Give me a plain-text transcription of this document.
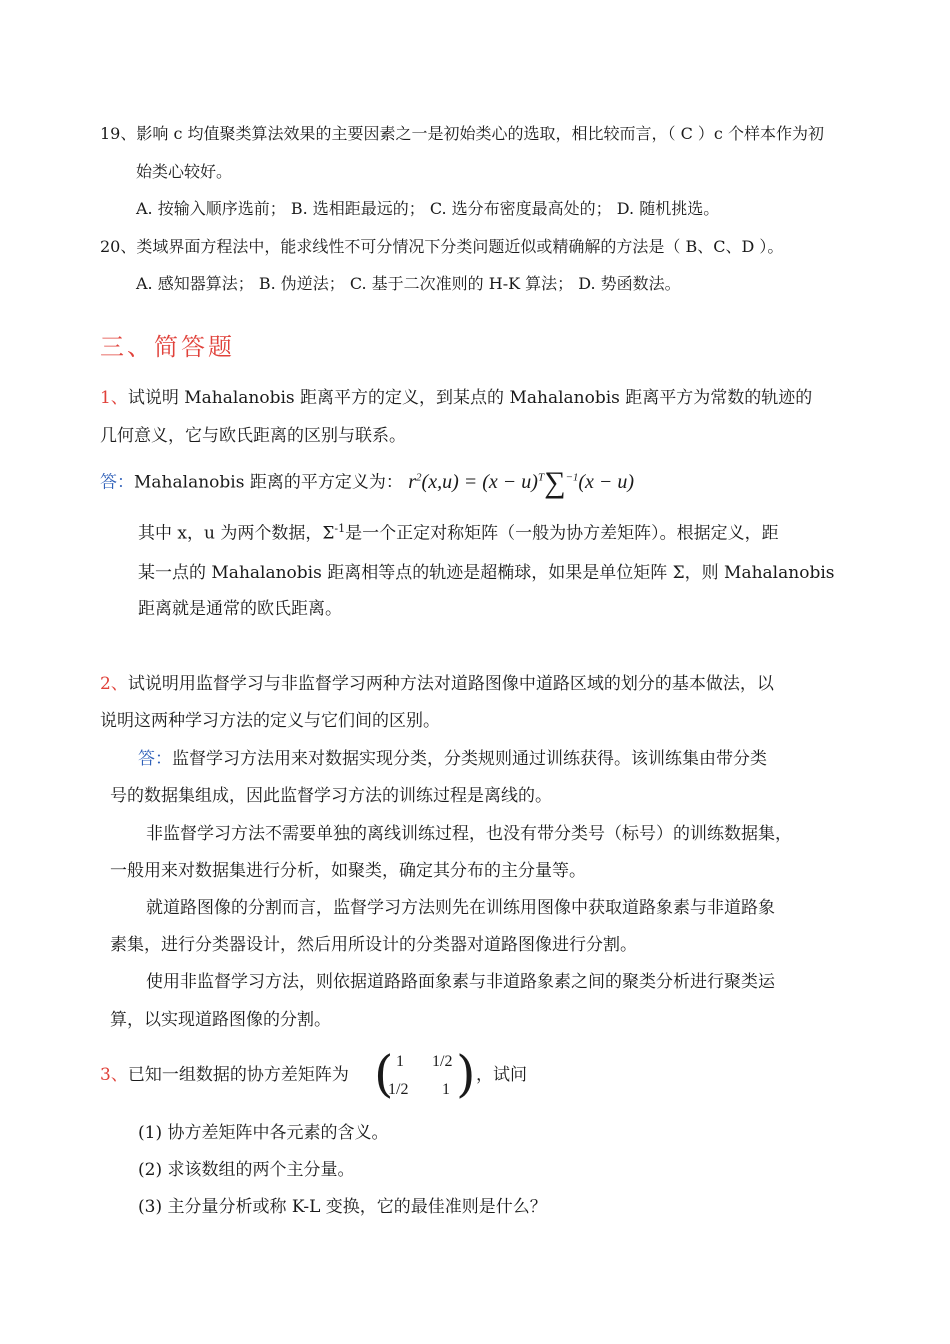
19、影响 c 均值聚类算法效果的主要因素之一是初始类心的选取，相比较而言，（ C ）c 个样本作为初
始类心较好。
A. 按输入顺序选前； B. 选相距最远的； C. 选分布密度最高处的； D. 随机挑选。
20、类域界面方程法中，能求线性不可分情况下分类问题近似或精确解的方法是（ B、C、D ）。
A. 感知器算法； B. 伪逆法； C. 基于二次准则的 H-K 算法； D. 势函数法。
三、简答题
1、试说明 Mahalanobis 距离平方的定义，到某点的 Mahalanobis 距离平方为常数的轨迹的
几何意义，它与欧氏距离的区别与联系。
答：Mahalanobis 距离的平方定义为： $r^2(x,u) = (x - u)^T\sum^{-1}(x - u)$
其中 x，u 为两个数据，$\Sigma^{-1}$是一个正定对称矩阵（一般为协方差矩阵）。根据定义，距
某一点的 Mahalanobis 距离相等点的轨迹是超椭球，如果是单位矩阵 Σ，则 Mahalanobis
距离就是通常的欧氏距离。
2、试说明用监督学习与非监督学习两种方法对道路图像中道路区域的划分的基本做法，以
说明这两种学习方法的定义与它们间的区别。
答：监督学习方法用来对数据实现分类，分类规则通过训练获得。该训练集由带分类
号的数据集组成，因此监督学习方法的训练过程是离线的。
非监督学习方法不需要单独的离线训练过程，也没有带分类号（标号）的训练数据集，
一般用来对数据集进行分析，如聚类，确定其分布的主分量等。
就道路图像的分割而言，监督学习方法则先在训练用图像中获取道路象素与非道路象
素集，进行分类器设计，然后用所设计的分类器对道路图像进行分割。
使用非监督学习方法，则依据道路路面象素与非道路象素之间的聚类分析进行聚类运
算，以实现道路图像的分割。
3、已知一组数据的协方差矩阵为 ( 1 1/2
1/2 1 ) ，试问
(1) 协方差矩阵中各元素的含义。
(2) 求该数组的两个主分量。
(3) 主分量分析或称 K-L 变换，它的最佳准则是什么？
